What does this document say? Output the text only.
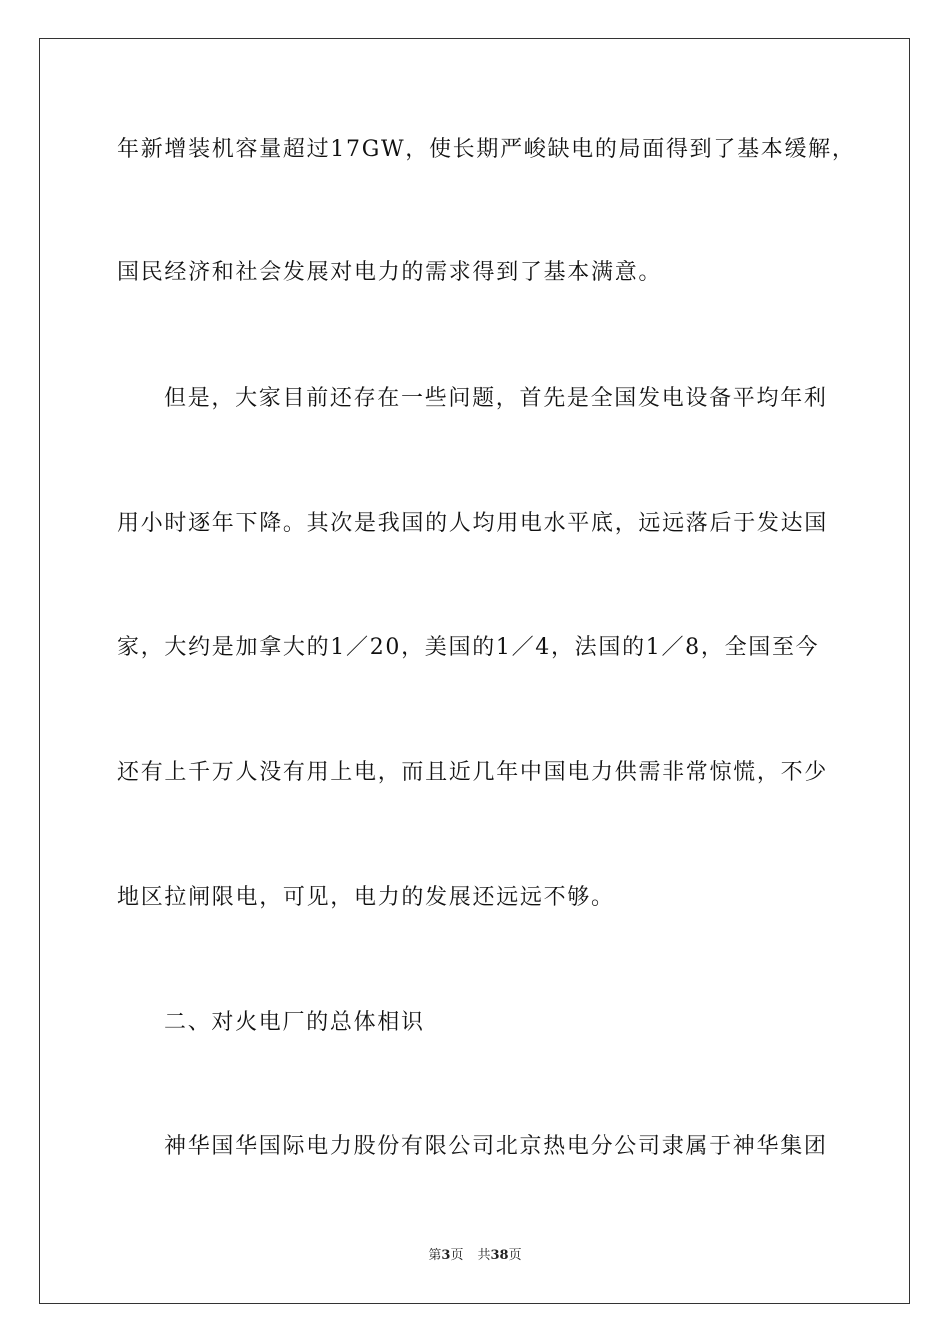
年新增装机容量超过17GW，使长期严峻缺电的局面得到了基本缓解，
国民经济和社会发展对电力的需求得到了基本满意。
但是，大家目前还存在一些问题，首先是全国发电设备平均年利
用小时逐年下降。其次是我国的人均用电水平底，远远落后于发达国
家，大约是加拿大的1／20，美国的1／4，法国的1／8，全国至今
还有上千万人没有用上电，而且近几年中国电力供需非常惊慌，不少
地区拉闸限电，可见，电力的发展还远远不够。
二、对火电厂的总体相识
神华国华国际电力股份有限公司北京热电分公司隶属于神华集团
第3页 共38页
